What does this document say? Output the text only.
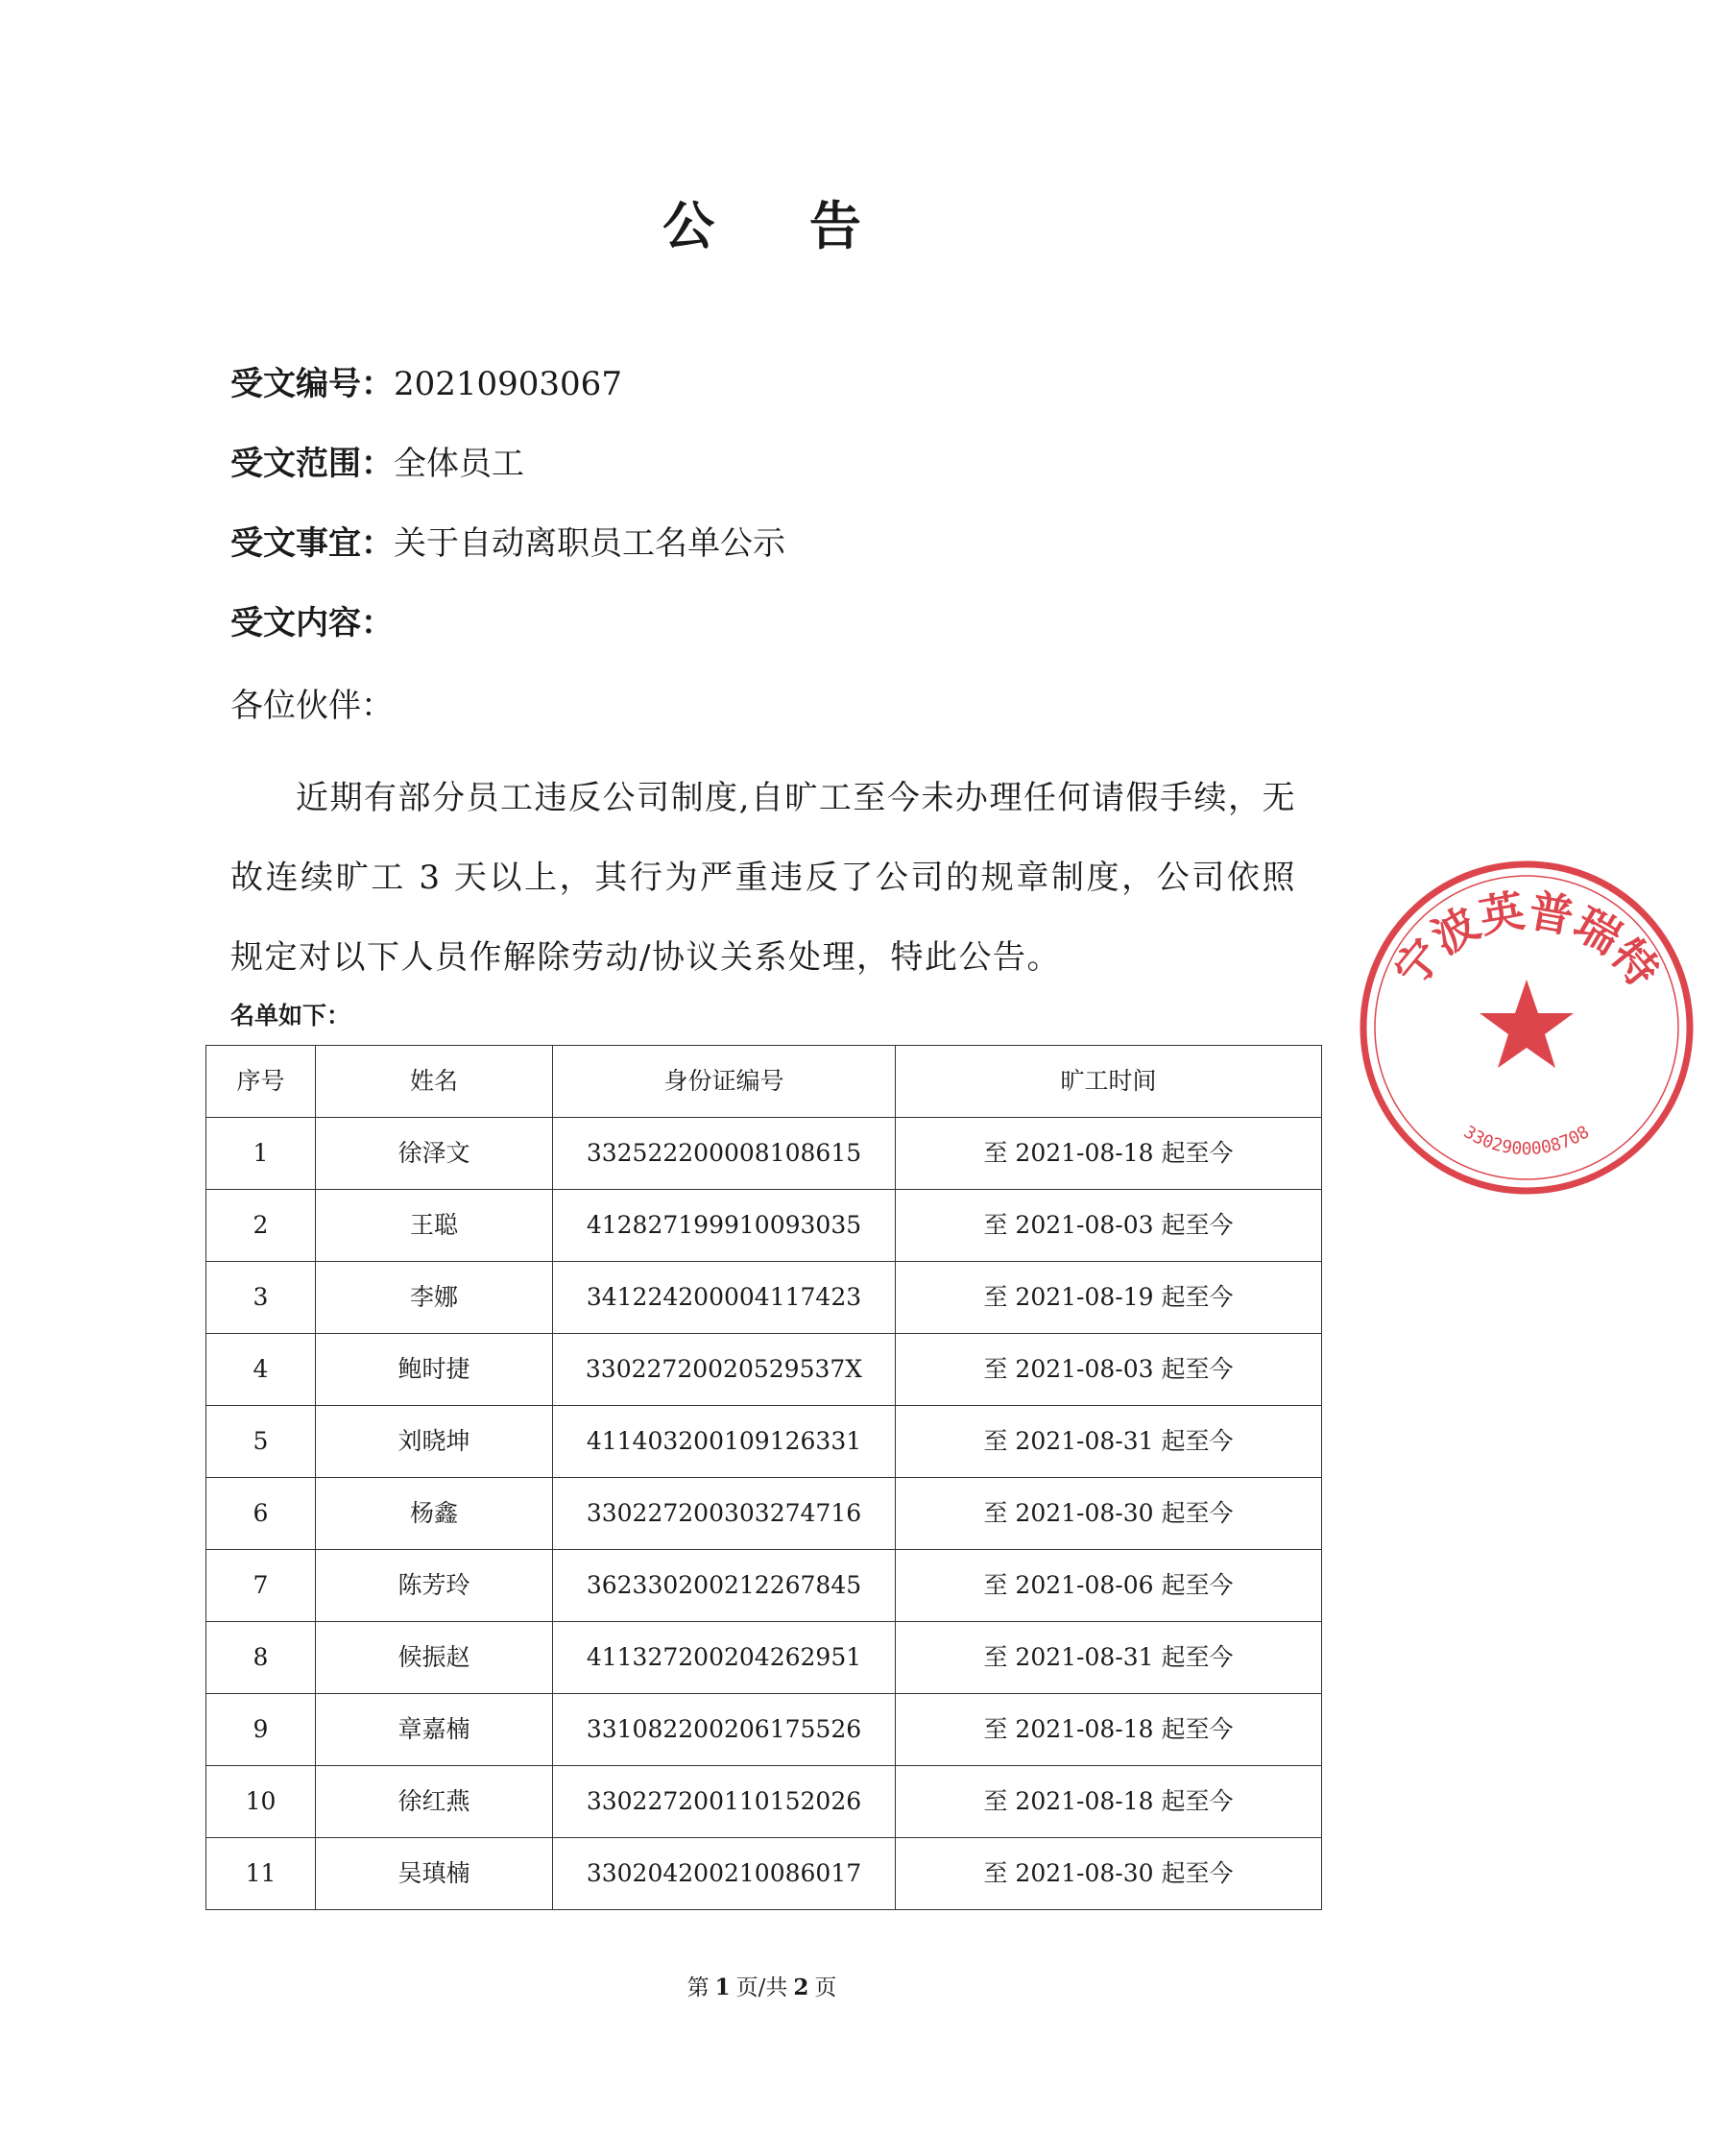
公 告
受文编号：20210903067
受文范围：全体员工
受文事宜：关于自动离职员工名单公示
受文内容：
各位伙伴：
近期有部分员工违反公司制度,自旷工至今未办理任何请假手续，无故连续旷工 3 天以上，其行为严重违反了公司的规章制度，公司依照规定对以下人员作解除劳动/协议关系处理，特此公告。
名单如下：
序号	姓名	身份证编号	旷工时间
1	徐泽文	332522200008108615	至 2021-08-18 起至今
2	王聪	412827199910093035	至 2021-08-03 起至今
3	李娜	341224200004117423	至 2021-08-19 起至今
4	鲍时捷	33022720020529537X	至 2021-08-03 起至今
5	刘晓坤	411403200109126331	至 2021-08-31 起至今
6	杨鑫	330227200303274716	至 2021-08-30 起至今
7	陈芳玲	362330200212267845	至 2021-08-06 起至今
8	候振赵	411327200204262951	至 2021-08-31 起至今
9	章嘉楠	331082200206175526	至 2021-08-18 起至今
10	徐红燕	330227200110152026	至 2021-08-18 起至今
11	吴瑱楠	330204200210086017	至 2021-08-30 起至今
第 1 页/共 2 页
宁波英普瑞特
3302900008708
